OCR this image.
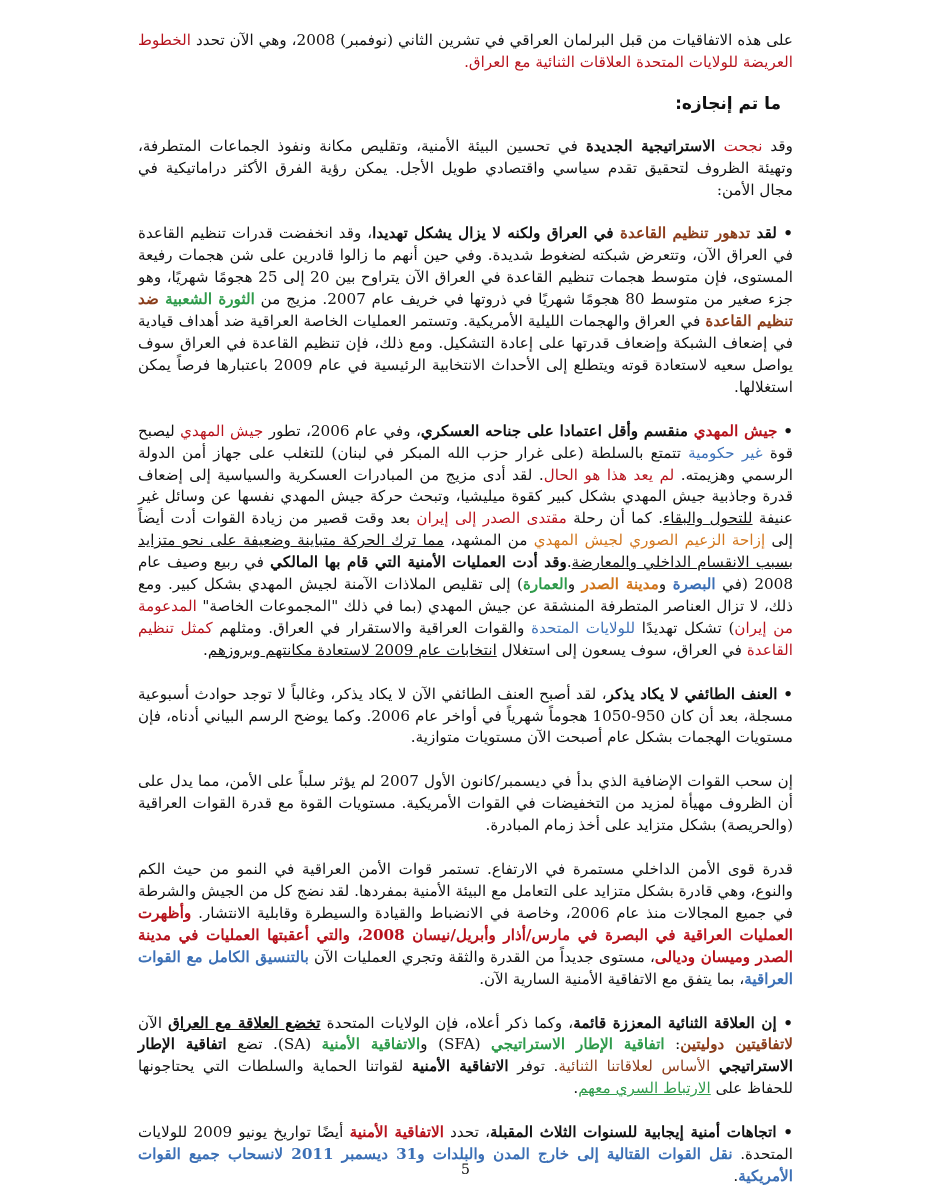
على هذه الاتفاقيات من قبل البرلمان العراقي في تشرين الثاني (نوفمبر) 2008، وهي الآن تحدد الخطوط العريضة للولايات المتحدة العلاقات الثنائية مع العراق.

ما تم إنجازه:

وقد نجحت الاستراتيجية الجديدة في تحسين البيئة الأمنية، وتقليص مكانة ونفوذ الجماعات المتطرفة، وتهيئة الظروف لتحقيق تقدم سياسي واقتصادي طويل الأجل. يمكن رؤية الفرق الأكثر دراماتيكية في مجال الأمن:

• لقد تدهور تنظيم القاعدة في العراق ولكنه لا يزال يشكل تهديدا، وقد انخفضت قدرات تنظيم القاعدة في العراق الآن، وتتعرض شبكته لضغوط شديدة. وفي حين أنهم ما زالوا قادرين على شن هجمات رفيعة المستوى، فإن متوسط هجمات تنظيم القاعدة في العراق الآن يتراوح بين 20 إلى 25 هجومًا شهريًا، وهو جزء صغير من متوسط 80 هجومًا شهريًا في ذروتها في خريف عام 2007. مزيج من الثورة الشعبية ضد تنظيم القاعدة في العراق والهجمات الليلية الأمريكية. وتستمر العمليات الخاصة العراقية ضد أهداف قيادية في إضعاف الشبكة وإضعاف قدرتها على إعادة التشكيل. ومع ذلك، فإن تنظيم القاعدة في العراق سوف يواصل سعيه لاستعادة قوته ويتطلع إلى الأحداث الانتخابية الرئيسية في عام 2009 باعتبارها فرصاً يمكن استغلالها.

• جيش المهدي منقسم وأقل اعتمادا على جناحه العسكري، وفي عام 2006، تطور جيش المهدي ليصبح قوة غير حكومية تتمتع بالسلطة (على غرار حزب الله المبكر في لبنان) للتغلب على جهاز أمن الدولة الرسمي وهزيمته. لم يعد هذا هو الحال. لقد أدى مزيج من المبادرات العسكرية والسياسية إلى إضعاف قدرة وجاذبية جيش المهدي بشكل كبير كقوة ميليشيا، وتبحث حركة جيش المهدي نفسها عن وسائل غير عنيفة للتحول والبقاء. كما أن رحلة مقتدى الصدر إلى إيران بعد وقت قصير من زيادة القوات أدت أيضاً إلى إزاحة الزعيم الصوري لجيش المهدي من المشهد، مما ترك الحركة متباينة وضعيفة على نحو متزايد بسبب الانقسام الداخلي والمعارضة.وقد أدت العمليات الأمنية التي قام بها المالكي في ربيع وصيف عام 2008 (في البصرة ومدينة الصدر والعمارة) إلى تقليص الملاذات الآمنة لجيش المهدي بشكل كبير. ومع ذلك، لا تزال العناصر المتطرفة المنشقة عن جيش المهدي (بما في ذلك "المجموعات الخاصة" المدعومة من إيران) تشكل تهديدًا للولايات المتحدة والقوات العراقية والاستقرار في العراق. ومثلهم كمثل تنظيم القاعدة في العراق، سوف يسعون إلى استغلال انتخابات عام 2009 لاستعادة مكانتهم وبروزهم.

• العنف الطائفي لا يكاد يذكر، لقد أصبح العنف الطائفي الآن لا يكاد يذكر، وغالباً لا توجد حوادث أسبوعية مسجلة، بعد أن كان 950-1050 هجوماً شهرياً في أواخر عام 2006. وكما يوضح الرسم البياني أدناه، فإن مستويات الهجمات بشكل عام أصبحت الآن مستويات متوازية.

إن سحب القوات الإضافية الذي بدأ في ديسمبر/كانون الأول 2007 لم يؤثر سلباً على الأمن، مما يدل على أن الظروف مهيأة لمزيد من التخفيضات في القوات الأمريكية. مستويات القوة مع قدرة القوات العراقية (والحريصة) بشكل متزايد على أخذ زمام المبادرة.

قدرة قوى الأمن الداخلي مستمرة في الارتفاع. تستمر قوات الأمن العراقية في النمو من حيث الكم والنوع، وهي قادرة بشكل متزايد على التعامل مع البيئة الأمنية بمفردها. لقد نضج كل من الجيش والشرطة في جميع المجالات منذ عام 2006، وخاصة في الانضباط والقيادة والسيطرة وقابلية الانتشار. وأظهرت العمليات العراقية في البصرة في مارس/أذار وأبريل/نيسان 2008، والتي أعقبتها العمليات في مدينة الصدر وميسان وديالى، مستوى جديداً من القدرة والثقة وتجري العمليات الآن بالتنسيق الكامل مع القوات العراقية، بما يتفق مع الاتفاقية الأمنية السارية الآن.

• إن العلاقة الثنائية المعززة قائمة، وكما ذكر أعلاه، فإن الولايات المتحدة تخضع العلاقة مع العراق الآن لاتفاقيتين دوليتين: اتفاقية الإطار الاستراتيجي (SFA) والاتفاقية الأمنية (SA). تضع اتفاقية الإطار الاستراتيجي الأساس لعلاقاتنا الثنائية. توفر الاتفاقية الأمنية لقواتنا الحماية والسلطات التي يحتاجونها للحفاظ على الارتباط السري معهم.

• اتجاهات أمنية إيجابية للسنوات الثلاث المقبلة، تحدد الاتفاقية الأمنية أيضًا تواريخ يونيو 2009 للولايات المتحدة. نقل القوات القتالية إلى خارج المدن والبلدات و31 ديسمبر 2011 لانسحاب جميع القوات الأمريكية.

5
